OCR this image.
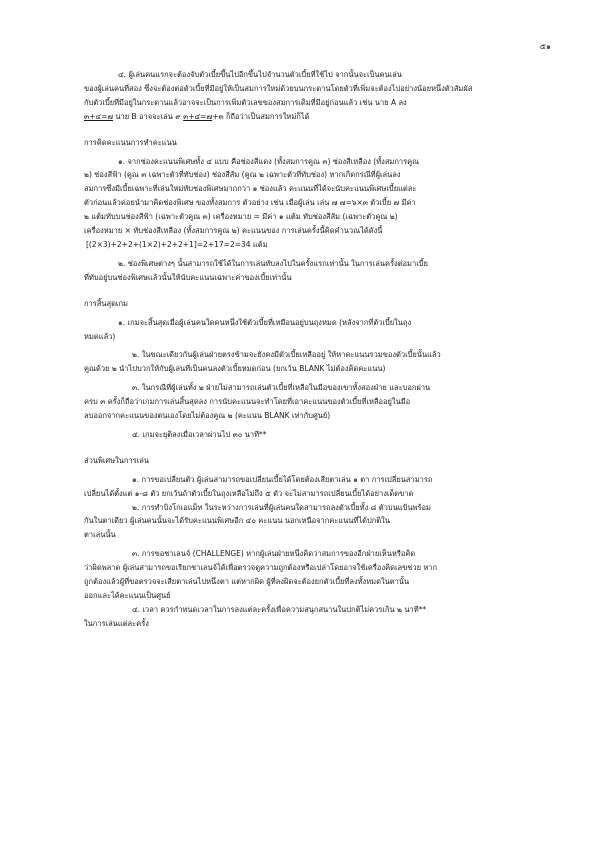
๕๑

๔. ผู้เล่นคนแรกจะต้องจับตัวเบี้ยขึ้นไปอีกขึ้นไปจำนวนตัวเบี้ยที่ใช้ไป จากนั้นจะเป็นคนเล่น

ของผู้เล่นคนที่สอง ซึ่งจะต้องต่อตัวเบี้ยที่มีอยู่ให้เป็นสมการใหม่ด้วยบนกระดานโดยตัวที่เพิ่มจะต้องไปอย่างน้อยหนึ่งตัวสัมผัส

กับตัวเบี้ยที่มีอยู่ในกระดานแล้วอาจจะเป็นการเพิ่มตัวเลขของสมการเดิมที่มีอยู่ก่อนแล้ว เช่น นาย A ลง

๓+๔=๗ นาย B อาจจะเล่น ๙ ๓+๔=๗+๓ ก็ถือว่าเป็นสมการใหม่ก็ได้

การคิดคะแนนการทำคะแนน

๑. จากช่องคะแนนพิเศษทั้ง ๔ แบบ คือช่องสีแดง (ทั้งสมการคูณ ๓) ช่องสีเหลือง (ทั้งสมการคูณ

๒) ช่องสีฟ้า (คูณ ๓ เฉพาะตัวที่ทับช่อง) ช่องสีส้ม (คูณ ๒ เฉพาะตัวที่ทับช่อง) หากเกิดกรณีที่ผู้เล่นลง

สมการซึ่งมีเบี้ยเฉพาะที่เล่นใหม่ทับช่องพิเศษมากกว่า ๑ ช่องแล้ว คะแนนที่ได้จะนับคะแนนพิเศษเบี้ยแต่ละ

ตัวก่อนแล้วค่อยนำมาคิดช่องพิเศษ ของทั้งสมการ ตัวอย่าง เช่น เมื่อผู้เล่น เล่น ๗ ๗=๖×๓ ตัวเบี้ย ๗ มีค่า

๒ แต้มทับบนช่องสีฟ้า (เฉพาะตัวคูณ ๓) เครื่องหมาย = มีค่า ๑ แต้ม ทับช่องสีส้ม (เฉพาะตัวคูณ ๒)

เครื่องหมาย × ทับช่องสีเหลือง (ทั้งสมการคูณ ๒) คะแนนของ การเล่นครั้งนี้คิดคำนวณได้ดังนี้

[(2×3)+2+2+(1×2)+2+2+1]=2+17=2=34 แต้ม

๒. ช่องพิเศษต่างๆ นั้นสามารถใช้ได้ในการเล่นทับลงไปในครั้งแรกเท่านั้น ในการเล่นครั้งต่อมาเบี้ย

ที่ทับอยู่บนช่องพิเศษแล้วนั้นให้นับคะแนนเฉพาะค่าของเบี้ยเท่านั้น

การสิ้นสุดเกม

๑. เกมจะสิ้นสุดเมื่อผู้เล่นคนใดคนหนึ่งใช้ตัวเบี้ยที่เหมือนอยู่บนถุงหมด (หลังจากที่ตัวเบี้ยในถุง

หมดแล้ว)

๒. ในขณะเดียวกันผู้เล่นฝ่ายตรงข้ามจะยังคงมีตัวเบี้ยเหลืออยู่ ให้หาคะแนนรวมของตัวเบี้ยนั้นแล้ว

คูณด้วย ๒ นำไปบวกให้กับผู้เล่นที่เป็นคนลงตัวเบี้ยหมดก่อน (ยกเว้น BLANK ไม่ต้องคิดคะแนน)

๓. ในกรณีที่ผู้เล่นทั้ง ๒ ฝ่ายไม่สามารถเล่นตัวเบี้ยที่เหลือในมือของเขาทั้งสองฝ่าย และบอกผ่าน

ครบ ๓ ครั้งก็ถือว่าเกมการเล่นสิ้นสุดลง การนับคะแนนจะทำโดยที่เอาคะแนนของตัวเบี้ยที่เหลืออยู่ในมือ

ลบออกจากคะแนนของตนเองโดยไม่ต้องคูณ ๒ (คะแนน BLANK เท่ากับศูนย์)

๔. เกมจะยุติลงเมื่อเวลาผ่านไป ๓๐ นาที**

ส่วนพิเศษในการเล่น

๑. การขอเปลี่ยนตัว ผู้เล่นสามารถขอเปลี่ยนเบี้ยได้โดยต้องเสียตาเล่น ๑ ตา การเปลี่ยนสามารถ

เปลี่ยนได้ตั้งแต่ ๑-๘ ตัว ยกเว้นถ้าตัวเบี้ยในถุงเหลือไม่ถึง ๕ ตัว จะไม่สามารถเปลี่ยนเบี้ยได้อย่างเด็ดขาด

๒. การทำบิงโกเอแม็ท ในระหว่างการเล่นที่ผู้เล่นคนใดสามารถลงตัวเบี้ยทั้ง ๘ ตัวบนแป้นพร้อม

กันในตาเดียว ผู้เล่นคนนั้นจะได้รับคะแนนพิเศษอีก ๔๐ คะแนน นอกเหนือจากคะแนนที่ได้ปกติใน

ตาเล่นนั้น

๓. การขอชาเลนจ์ (CHALLENGE) หากผู้เล่นฝ่ายหนึ่งคิดว่าสมการของอีกฝ่ายเห็นหรือคิด

ว่าผิดพลาด ผู้เล่นสามารถขอเรียกชาเลนจ์ได้เพื่อตรวจดูความถูกต้องหรือเปล่าโดยอาจใช้เครื่องคิดเลขช่วย หาก

ถูกต้องแล้วผู้ที่ขอตรวจจะเสียตาเล่นไปหนึ่งตา แต่หากผิด ผู้ที่ลงผิดจะต้องยกตัวเบี้ยที่ลงทั้งหมดในตานั้น

ออกและได้คะแนนเป็นศูนย์

๔. เวลา ควรกำหนดเวลาในการลงแต่ละครั้งเพื่อความสนุกสนานในปกติไม่ควรเกิน ๒ นาที**

ในการเล่นแต่ละครั้ง
